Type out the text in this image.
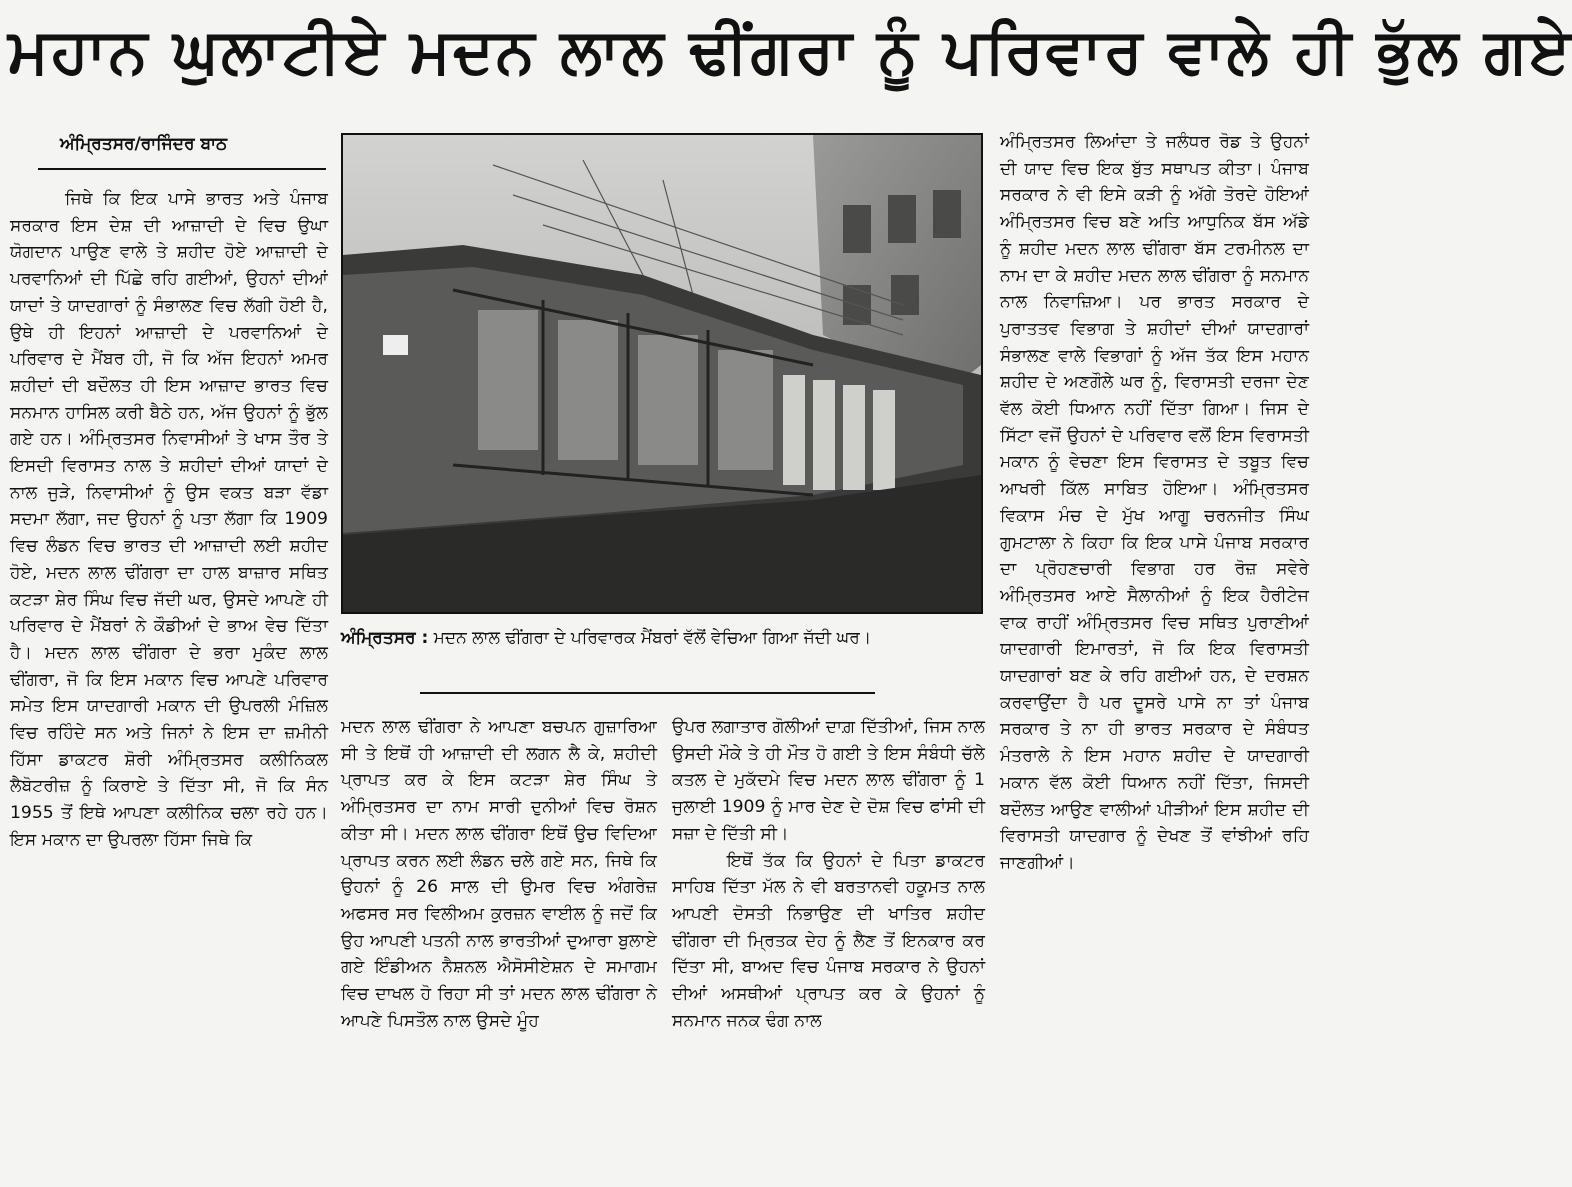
ਮਹਾਨ ਘੁਲਾਟੀਏ ਮਦਨ ਲਾਲ ਢੀਂਗਰਾ ਨੂੰ ਪਰਿਵਾਰ ਵਾਲੇ ਹੀ ਭੁੱਲ ਗਏ
ਅੰਮ੍ਰਿਤਸਰ/ਰਾਜਿੰਦਰ ਬਾਠ

ਜਿਥੇ ਕਿ ਇਕ ਪਾਸੇ ਭਾਰਤ ਅਤੇ ਪੰਜਾਬ ਸਰਕਾਰ ਇਸ ਦੇਸ਼ ਦੀ ਆਜ਼ਾਦੀ ਦੇ ਵਿਚ ਉਘਾ ਯੋਗਦਾਨ ਪਾਉਣ ਵਾਲੇ ਤੇ ਸ਼ਹੀਦ ਹੋਏ ਆਜ਼ਾਦੀ ਦੇ ਪਰਵਾਨਿਆਂ ਦੀ ਪਿੱਛੇ ਰਹਿ ਗਈਆਂ, ਉਹਨਾਂ ਦੀਆਂ ਯਾਦਾਂ ਤੇ ਯਾਦਗਾਰਾਂ ਨੂੰ ਸੰਭਾਲਣ ਵਿਚ ਲੱਗੀ ਹੋਈ ਹੈ, ਉਥੇ ਹੀ ਇਹਨਾਂ ਆਜ਼ਾਦੀ ਦੇ ਪਰਵਾਨਿਆਂ ਦੇ ਪਰਿਵਾਰ ਦੇ ਮੈਂਬਰ ਹੀ, ਜੋ ਕਿ ਅੱਜ ਇਹਨਾਂ ਅਮਰ ਸ਼ਹੀਦਾਂ ਦੀ ਬਦੌਲਤ ਹੀ ਇਸ ਆਜ਼ਾਦ ਭਾਰਤ ਵਿਚ ਸਨਮਾਨ ਹਾਸਿਲ ਕਰੀ ਬੈਠੇ ਹਨ, ਅੱਜ ਉਹਨਾਂ ਨੂੰ ਭੁੱਲ ਗਏ ਹਨ। ਅੰਮ੍ਰਿਤਸਰ ਨਿਵਾਸੀਆਂ ਤੇ ਖਾਸ ਤੌਰ ਤੇ ਇਸਦੀ ਵਿਰਾਸਤ ਨਾਲ ਤੇ ਸ਼ਹੀਦਾਂ ਦੀਆਂ ਯਾਦਾਂ ਦੇ ਨਾਲ ਜੁੜੇ, ਨਿਵਾਸੀਆਂ ਨੂੰ ਉਸ ਵਕਤ ਬੜਾ ਵੱਡਾ ਸਦਮਾ ਲੱਗਾ, ਜਦ ਉਹਨਾਂ ਨੂੰ ਪਤਾ ਲੱਗਾ ਕਿ 1909 ਵਿਚ ਲੰਡਨ ਵਿਚ ਭਾਰਤ ਦੀ ਆਜ਼ਾਦੀ ਲਈ ਸ਼ਹੀਦ ਹੋਏ, ਮਦਨ ਲਾਲ ਢੀਂਗਰਾ ਦਾ ਹਾਲ ਬਾਜ਼ਾਰ ਸਥਿਤ ਕਟੜਾ ਸ਼ੇਰ ਸਿੰਘ ਵਿਚ ਜੱਦੀ ਘਰ, ਉਸਦੇ ਆਪਣੇ ਹੀ ਪਰਿਵਾਰ ਦੇ ਮੈਂਬਰਾਂ ਨੇ ਕੌਡੀਆਂ ਦੇ ਭਾਅ ਵੇਚ ਦਿੱਤਾ ਹੈ। ਮਦਨ ਲਾਲ ਢੀਂਗਰਾ ਦੇ ਭਰਾ ਮੁਕੰਦ ਲਾਲ ਢੀਂਗਰਾ, ਜੋ ਕਿ ਇਸ ਮਕਾਨ ਵਿਚ ਆਪਣੇ ਪਰਿਵਾਰ ਸਮੇਤ ਇਸ ਯਾਦਗਾਰੀ ਮਕਾਨ ਦੀ ਉਪਰਲੀ ਮੰਜ਼ਿਲ ਵਿਚ ਰਹਿੰਦੇ ਸਨ ਅਤੇ ਜਿਨਾਂ ਨੇ ਇਸ ਦਾ ਜ਼ਮੀਨੀ ਹਿੱਸਾ ਡਾਕਟਰ ਸ਼ੋਰੀ ਅੰਮ੍ਰਿਤਸਰ ਕਲੀਨਿਕਲ ਲੈਬੋਟਰੀਜ਼ ਨੂੰ ਕਿਰਾਏ ਤੇ ਦਿੱਤਾ ਸੀ, ਜੋ ਕਿ ਸੰਨ 1955 ਤੋਂ ਇਥੇ ਆਪਣਾ ਕਲੀਨਿਕ ਚਲਾ ਰਹੇ ਹਨ। ਇਸ ਮਕਾਨ ਦਾ ਉਪਰਲਾ ਹਿੱਸਾ ਜਿਥੇ ਕਿ

ਅੰਮ੍ਰਿਤਸਰ : ਮਦਨ ਲਾਲ ਢੀਂਗਰਾ ਦੇ ਪਰਿਵਾਰਕ ਮੈਂਬਰਾਂ ਵੱਲੋਂ ਵੇਚਿਆ ਗਿਆ ਜੱਦੀ ਘਰ।

ਮਦਨ ਲਾਲ ਢੀਂਗਰਾ ਨੇ ਆਪਣਾ ਬਚਪਨ ਗੁਜ਼ਾਰਿਆ ਸੀ ਤੇ ਇਥੋਂ ਹੀ ਆਜ਼ਾਦੀ ਦੀ ਲਗਨ ਲੈ ਕੇ, ਸ਼ਹੀਦੀ ਪ੍ਰਾਪਤ ਕਰ ਕੇ ਇਸ ਕਟੜਾ ਸ਼ੇਰ ਸਿੰਘ ਤੇ ਅੰਮ੍ਰਿਤਸਰ ਦਾ ਨਾਮ ਸਾਰੀ ਦੁਨੀਆਂ ਵਿਚ ਰੋਸ਼ਨ ਕੀਤਾ ਸੀ। ਮਦਨ ਲਾਲ ਢੀਂਗਰਾ ਇਥੋਂ ਉਚ ਵਿਦਿਆ ਪ੍ਰਾਪਤ ਕਰਨ ਲਈ ਲੰਡਨ ਚਲੇ ਗਏ ਸਨ, ਜਿਥੇ ਕਿ ਉਹਨਾਂ ਨੂੰ 26 ਸਾਲ ਦੀ ਉਮਰ ਵਿਚ ਅੰਗਰੇਜ਼ ਅਫਸਰ ਸਰ ਵਿਲੀਅਮ ਕੁਰਜ਼ਨ ਵਾਈਲ ਨੂੰ ਜਦੋਂ ਕਿ ਉਹ ਆਪਣੀ ਪਤਨੀ ਨਾਲ ਭਾਰਤੀਆਂ ਦੁਆਰਾ ਬੁਲਾਏ ਗਏ ਇੰਡੀਅਨ ਨੈਸ਼ਨਲ ਐਸੋਸੀਏਸ਼ਨ ਦੇ ਸਮਾਗਮ ਵਿਚ ਦਾਖਲ ਹੋ ਰਿਹਾ ਸੀ ਤਾਂ ਮਦਨ ਲਾਲ ਢੀਂਗਰਾ ਨੇ ਆਪਣੇ ਪਿਸਤੌਲ ਨਾਲ ਉਸਦੇ ਮੂੰਹ

ਉਪਰ ਲਗਾਤਾਰ ਗੋਲੀਆਂ ਦਾਗ਼ ਦਿੱਤੀਆਂ, ਜਿਸ ਨਾਲ ਉਸਦੀ ਮੌਕੇ ਤੇ ਹੀ ਮੌਤ ਹੋ ਗਈ ਤੇ ਇਸ ਸੰਬੰਧੀ ਚੱਲੇ ਕਤਲ ਦੇ ਮੁਕੱਦਮੇ ਵਿਚ ਮਦਨ ਲਾਲ ਢੀਂਗਰਾ ਨੂੰ 1 ਜੁਲਾਈ 1909 ਨੂੰ ਮਾਰ ਦੇਣ ਦੇ ਦੋਸ਼ ਵਿਚ ਫਾਂਸੀ ਦੀ ਸਜ਼ਾ ਦੇ ਦਿੱਤੀ ਸੀ।

ਇਥੋਂ ਤੱਕ ਕਿ ਉਹਨਾਂ ਦੇ ਪਿਤਾ ਡਾਕਟਰ ਸਾਹਿਬ ਦਿੱਤਾ ਮੱਲ ਨੇ ਵੀ ਬਰਤਾਨਵੀ ਹਕੂਮਤ ਨਾਲ ਆਪਣੀ ਦੋਸਤੀ ਨਿਭਾਉਣ ਦੀ ਖਾਤਿਰ ਸ਼ਹੀਦ ਢੀਂਗਰਾ ਦੀ ਮ੍ਰਿਤਕ ਦੇਹ ਨੂੰ ਲੈਣ ਤੋਂ ਇਨਕਾਰ ਕਰ ਦਿੱਤਾ ਸੀ, ਬਾਅਦ ਵਿਚ ਪੰਜਾਬ ਸਰਕਾਰ ਨੇ ਉਹਨਾਂ ਦੀਆਂ ਅਸਥੀਆਂ ਪ੍ਰਾਪਤ ਕਰ ਕੇ ਉਹਨਾਂ ਨੂੰ ਸਨਮਾਨ ਜਨਕ ਢੰਗ ਨਾਲ

ਅੰਮ੍ਰਿਤਸਰ ਲਿਆਂਦਾ ਤੇ ਜਲੰਧਰ ਰੋਡ ਤੇ ਉਹਨਾਂ ਦੀ ਯਾਦ ਵਿਚ ਇਕ ਬੁੱਤ ਸਥਾਪਤ ਕੀਤਾ। ਪੰਜਾਬ ਸਰਕਾਰ ਨੇ ਵੀ ਇਸੇ ਕੜੀ ਨੂੰ ਅੱਗੇ ਤੋਰਦੇ ਹੋਇਆਂ ਅੰਮ੍ਰਿਤਸਰ ਵਿਚ ਬਣੇ ਅਤਿ ਆਧੁਨਿਕ ਬੱਸ ਅੱਡੇ ਨੂੰ ਸ਼ਹੀਦ ਮਦਨ ਲਾਲ ਢੀਂਗਰਾ ਬੱਸ ਟਰਮੀਨਲ ਦਾ ਨਾਮ ਦਾ ਕੇ ਸ਼ਹੀਦ ਮਦਨ ਲਾਲ ਢੀਂਗਰਾ ਨੂੰ ਸਨਮਾਨ ਨਾਲ ਨਿਵਾਜ਼ਿਆ। ਪਰ ਭਾਰਤ ਸਰਕਾਰ ਦੇ ਪੁਰਾਤਤਵ ਵਿਭਾਗ ਤੇ ਸ਼ਹੀਦਾਂ ਦੀਆਂ ਯਾਦਗਾਰਾਂ ਸੰਭਾਲਣ ਵਾਲੇ ਵਿਭਾਗਾਂ ਨੂੰ ਅੱਜ ਤੱਕ ਇਸ ਮਹਾਨ ਸ਼ਹੀਦ ਦੇ ਅਣਗੌਲੇ ਘਰ ਨੂੰ, ਵਿਰਾਸਤੀ ਦਰਜਾ ਦੇਣ ਵੱਲ ਕੋਈ ਧਿਆਨ ਨਹੀਂ ਦਿੱਤਾ ਗਿਆ। ਜਿਸ ਦੇ ਸਿੱਟਾ ਵਜੋਂ ਉਹਨਾਂ ਦੇ ਪਰਿਵਾਰ ਵਲੋਂ ਇਸ ਵਿਰਾਸਤੀ ਮਕਾਨ ਨੂੰ ਵੇਚਣਾ ਇਸ ਵਿਰਾਸਤ ਦੇ ਤਬੂਤ ਵਿਚ ਆਖਰੀ ਕਿੱਲ ਸਾਬਿਤ ਹੋਇਆ। ਅੰਮ੍ਰਿਤਸਰ ਵਿਕਾਸ ਮੰਚ ਦੇ ਮੁੱਖ ਆਗੂ ਚਰਨਜੀਤ ਸਿੰਘ ਗੁਮਟਾਲਾ ਨੇ ਕਿਹਾ ਕਿ ਇਕ ਪਾਸੇ ਪੰਜਾਬ ਸਰਕਾਰ ਦਾ ਪ੍ਰੋਹਣਚਾਰੀ ਵਿਭਾਗ ਹਰ ਰੋਜ਼ ਸਵੇਰੇ ਅੰਮ੍ਰਿਤਸਰ ਆਏ ਸੈਲਾਨੀਆਂ ਨੂੰ ਇਕ ਹੈਰੀਟੇਜ ਵਾਕ ਰਾਹੀਂ ਅੰਮ੍ਰਿਤਸਰ ਵਿਚ ਸਥਿਤ ਪੁਰਾਣੀਆਂ ਯਾਦਗਾਰੀ ਇਮਾਰਤਾਂ, ਜੋ ਕਿ ਇਕ ਵਿਰਾਸਤੀ ਯਾਦਗਾਰਾਂ ਬਣ ਕੇ ਰਹਿ ਗਈਆਂ ਹਨ, ਦੇ ਦਰਸ਼ਨ ਕਰਵਾਉਂਦਾ ਹੈ ਪਰ ਦੂਸਰੇ ਪਾਸੇ ਨਾ ਤਾਂ ਪੰਜਾਬ ਸਰਕਾਰ ਤੇ ਨਾ ਹੀ ਭਾਰਤ ਸਰਕਾਰ ਦੇ ਸੰਬੰਧਤ ਮੰਤਰਾਲੇ ਨੇ ਇਸ ਮਹਾਨ ਸ਼ਹੀਦ ਦੇ ਯਾਦਗਾਰੀ ਮਕਾਨ ਵੱਲ ਕੋਈ ਧਿਆਨ ਨਹੀਂ ਦਿੱਤਾ, ਜਿਸਦੀ ਬਦੌਲਤ ਆਉਣ ਵਾਲੀਆਂ ਪੀੜੀਆਂ ਇਸ ਸ਼ਹੀਦ ਦੀ ਵਿਰਾਸਤੀ ਯਾਦਗਾਰ ਨੂੰ ਦੇਖਣ ਤੋਂ ਵਾਂਝੀਆਂ ਰਹਿ ਜਾਣਗੀਆਂ।
